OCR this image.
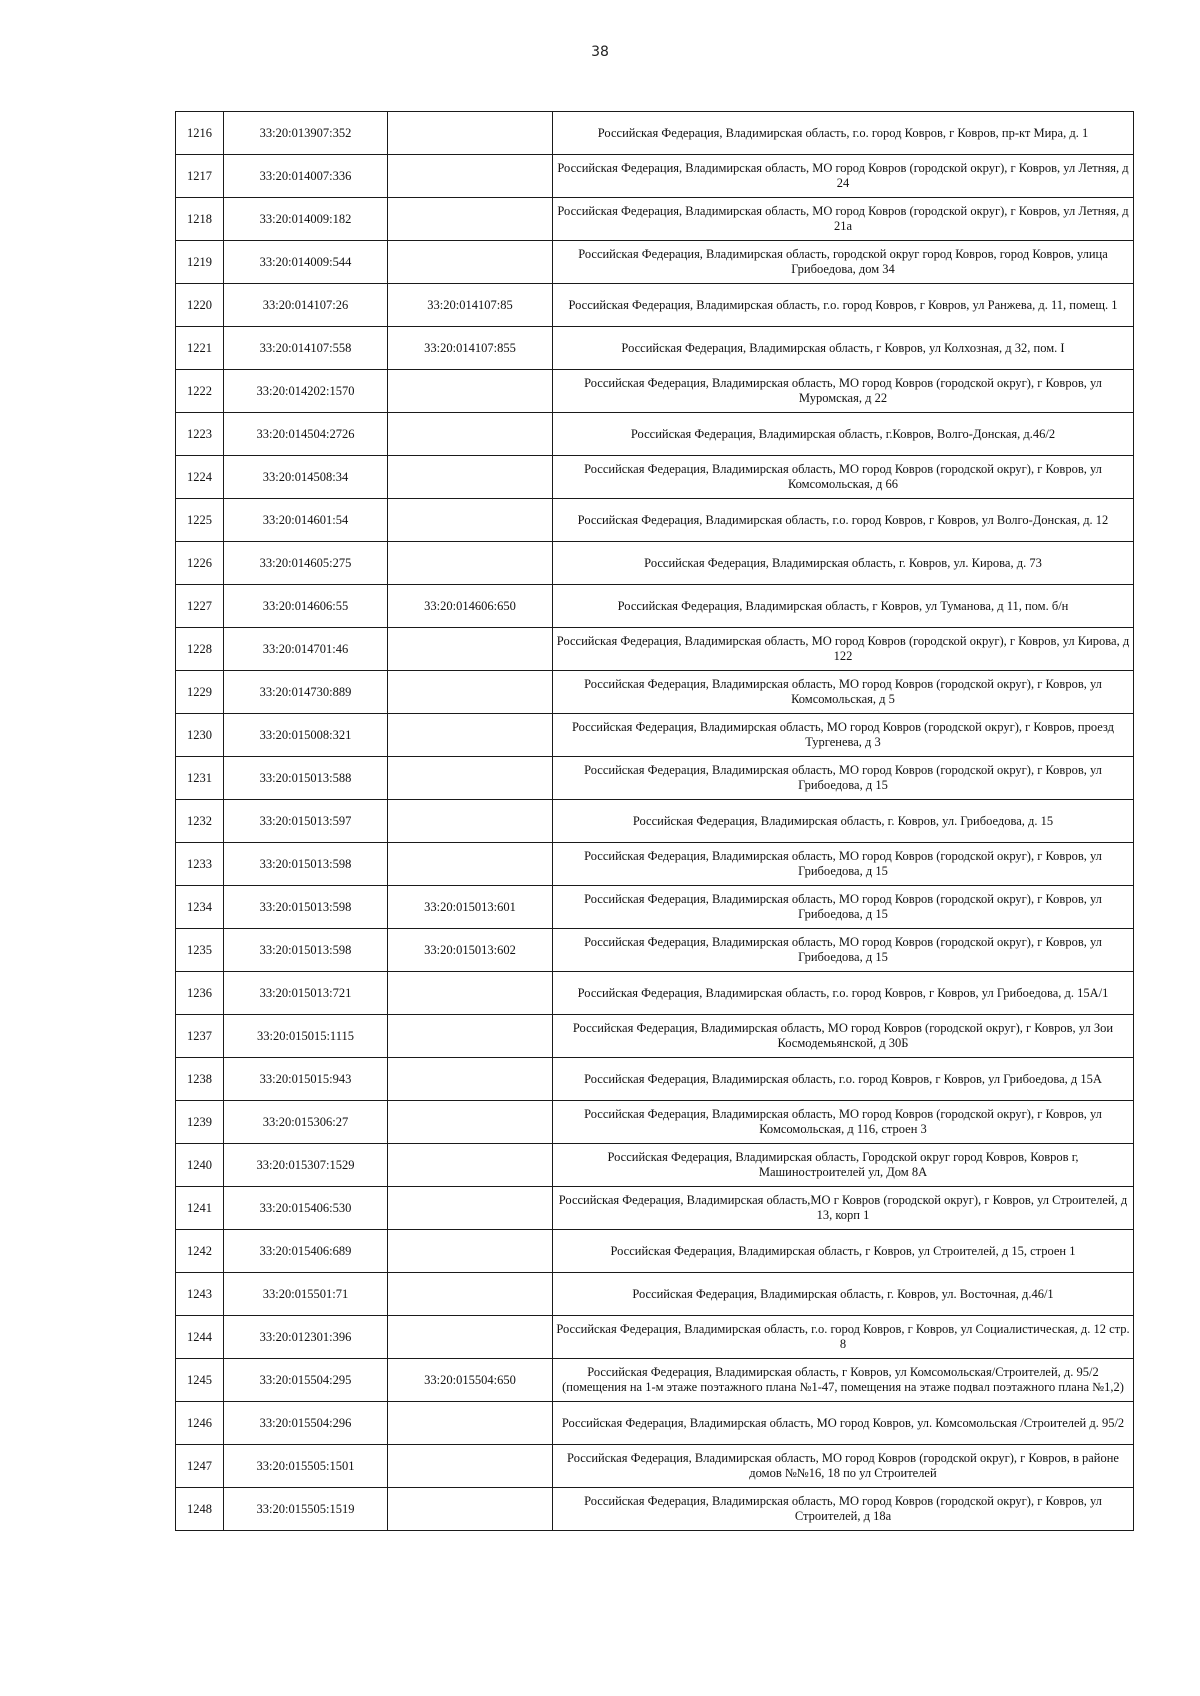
38
1216	33:20:013907:352		Российская Федерация, Владимирская область, г.о. город Ковров, г Ковров, пр-кт Мира, д. 1
1217	33:20:014007:336		Российская Федерация, Владимирская область, МО город Ковров (городской округ), г Ковров, ул Летняя, д 24
1218	33:20:014009:182		Российская Федерация, Владимирская область, МО город Ковров (городской округ), г Ковров, ул Летняя, д 21а
1219	33:20:014009:544		Российская Федерация, Владимирская область, городской округ город Ковров, город Ковров, улица Грибоедова, дом 34
1220	33:20:014107:26	33:20:014107:85	Российская Федерация, Владимирская область, г.о. город Ковров, г Ковров, ул Ранжева, д. 11, помещ. 1
1221	33:20:014107:558	33:20:014107:855	Российская Федерация, Владимирская область, г Ковров, ул Колхозная, д 32, пом. I
1222	33:20:014202:1570		Российская Федерация, Владимирская область, МО город Ковров (городской округ), г Ковров, ул Муромская, д 22
1223	33:20:014504:2726		Российская Федерация, Владимирская область, г.Ковров, Волго-Донская, д.46/2
1224	33:20:014508:34		Российская Федерация, Владимирская область, МО город Ковров (городской округ), г Ковров, ул Комсомольская, д 66
1225	33:20:014601:54		Российская Федерация, Владимирская область, г.о. город Ковров, г Ковров, ул Волго-Донская, д. 12
1226	33:20:014605:275		Российская Федерация, Владимирская область, г. Ковров, ул. Кирова, д. 73
1227	33:20:014606:55	33:20:014606:650	Российская Федерация, Владимирская область, г Ковров, ул Туманова, д 11, пом. б/н
1228	33:20:014701:46		Российская Федерация, Владимирская область, МО город Ковров (городской округ), г Ковров, ул Кирова, д 122
1229	33:20:014730:889		Российская Федерация, Владимирская область, МО город Ковров (городской округ), г Ковров, ул Комсомольская, д 5
1230	33:20:015008:321		Российская Федерация, Владимирская область, МО город Ковров (городской округ), г Ковров, проезд Тургенева, д 3
1231	33:20:015013:588		Российская Федерация, Владимирская область, МО город Ковров (городской округ), г Ковров, ул Грибоедова, д 15
1232	33:20:015013:597		Российская Федерация, Владимирская область, г. Ковров, ул. Грибоедова, д. 15
1233	33:20:015013:598		Российская Федерация, Владимирская область, МО город Ковров (городской округ), г Ковров, ул Грибоедова, д 15
1234	33:20:015013:598	33:20:015013:601	Российская Федерация, Владимирская область, МО город Ковров (городской округ), г Ковров, ул Грибоедова, д 15
1235	33:20:015013:598	33:20:015013:602	Российская Федерация, Владимирская область, МО город Ковров (городской округ), г Ковров, ул Грибоедова, д 15
1236	33:20:015013:721		Российская Федерация, Владимирская область, г.о. город Ковров, г Ковров, ул Грибоедова, д. 15А/1
1237	33:20:015015:1115		Российская Федерация, Владимирская область, МО город Ковров (городской округ), г Ковров, ул Зои Космодемьянской, д 30Б
1238	33:20:015015:943		Российская Федерация, Владимирская область, г.о. город Ковров, г Ковров, ул Грибоедова, д 15А
1239	33:20:015306:27		Российская Федерация, Владимирская область, МО город Ковров (городской округ), г Ковров, ул Комсомольская, д 116, строен 3
1240	33:20:015307:1529		Российская Федерация, Владимирская область, Городской округ город Ковров, Ковров г, Машиностроителей ул, Дом 8А
1241	33:20:015406:530		Российская Федерация, Владимирская область,МО г Ковров (городской округ), г Ковров, ул Строителей, д 13, корп 1
1242	33:20:015406:689		Российская Федерация, Владимирская область, г Ковров, ул Строителей, д 15, строен 1
1243	33:20:015501:71		Российская Федерация, Владимирская область, г. Ковров, ул. Восточная, д.46/1
1244	33:20:012301:396		Российская Федерация, Владимирская область, г.о. город Ковров, г Ковров, ул Социалистическая, д. 12 стр. 8
1245	33:20:015504:295	33:20:015504:650	Российская Федерация, Владимирская область, г Ковров, ул Комсомольская/Строителей, д. 95/2 (помещения на 1-м этаже поэтажного плана №1-47, помещения на этаже подвал поэтажного плана №1,2)
1246	33:20:015504:296		Российская Федерация, Владимирская область, МО город Ковров, ул. Комсомольская /Строителей д. 95/2
1247	33:20:015505:1501		Российская Федерация, Владимирская область, МО город Ковров (городской округ), г Ковров, в районе домов №№16, 18 по ул Строителей
1248	33:20:015505:1519		Российская Федерация, Владимирская область, МО город Ковров (городской округ), г Ковров, ул Строителей, д 18а
